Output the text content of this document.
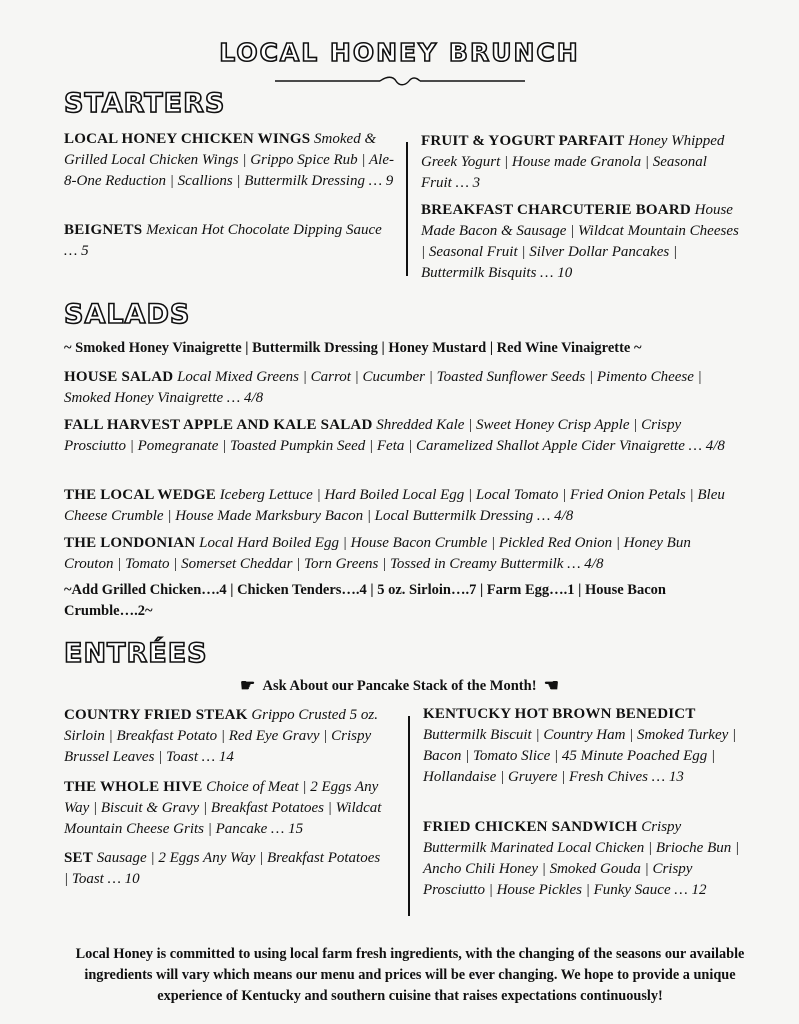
LOCAL HONEY BRUNCH
STARTERS
LOCAL HONEY CHICKEN WINGS Smoked & Grilled Local Chicken Wings | Grippo Spice Rub | Ale-8-One Reduction | Scallions | Buttermilk Dressing … 9
BEIGNETS Mexican Hot Chocolate Dipping Sauce … 5
FRUIT & YOGURT PARFAIT Honey Whipped Greek Yogurt | House made Granola | Seasonal Fruit … 3
BREAKFAST CHARCUTERIE BOARD House Made Bacon & Sausage | Wildcat Mountain Cheeses | Seasonal Fruit | Silver Dollar Pancakes | Buttermilk Bisquits … 10
SALADS
~ Smoked Honey Vinaigrette | Buttermilk Dressing | Honey Mustard | Red Wine Vinaigrette ~
HOUSE SALAD Local Mixed Greens | Carrot | Cucumber | Toasted Sunflower Seeds | Pimento Cheese | Smoked Honey Vinaigrette … 4/8
FALL HARVEST APPLE AND KALE SALAD Shredded Kale | Sweet Honey Crisp Apple | Crispy Prosciutto | Pomegranate | Toasted Pumpkin Seed | Feta | Caramelized Shallot Apple Cider Vinaigrette … 4/8
THE LOCAL WEDGE Iceberg Lettuce | Hard Boiled Local Egg | Local Tomato | Fried Onion Petals | Bleu Cheese Crumble | House Made Marksbury Bacon | Local Buttermilk Dressing … 4/8
THE LONDONIAN Local Hard Boiled Egg | House Bacon Crumble | Pickled Red Onion | Honey Bun Crouton | Tomato | Somerset Cheddar | Torn Greens | Tossed in Creamy Buttermilk … 4/8
~Add Grilled Chicken….4 | Chicken Tenders….4 | 5 oz. Sirloin….7 | Farm Egg….1 | House Bacon Crumble….2~
ENTRÉES
☛ Ask About our Pancake Stack of the Month! ☚
COUNTRY FRIED STEAK Grippo Crusted 5 oz. Sirloin | Breakfast Potato | Red Eye Gravy | Crispy Brussel Leaves | Toast … 14
THE WHOLE HIVE Choice of Meat | 2 Eggs Any Way | Biscuit & Gravy | Breakfast Potatoes | Wildcat Mountain Cheese Grits | Pancake … 15
SET Sausage | 2 Eggs Any Way | Breakfast Potatoes | Toast … 10
KENTUCKY HOT BROWN BENEDICT
Buttermilk Biscuit | Country Ham | Smoked Turkey | Bacon | Tomato Slice | 45 Minute Poached Egg | Hollandaise | Gruyere | Fresh Chives … 13
FRIED CHICKEN SANDWICH Crispy Buttermilk Marinated Local Chicken | Brioche Bun | Ancho Chili Honey | Smoked Gouda | Crispy Prosciutto | House Pickles | Funky Sauce … 12
Local Honey is committed to using local farm fresh ingredients, with the changing of the seasons our available ingredients will vary which means our menu and prices will be ever changing. We hope to provide a unique experience of Kentucky and southern cuisine that raises expectations continuously!
